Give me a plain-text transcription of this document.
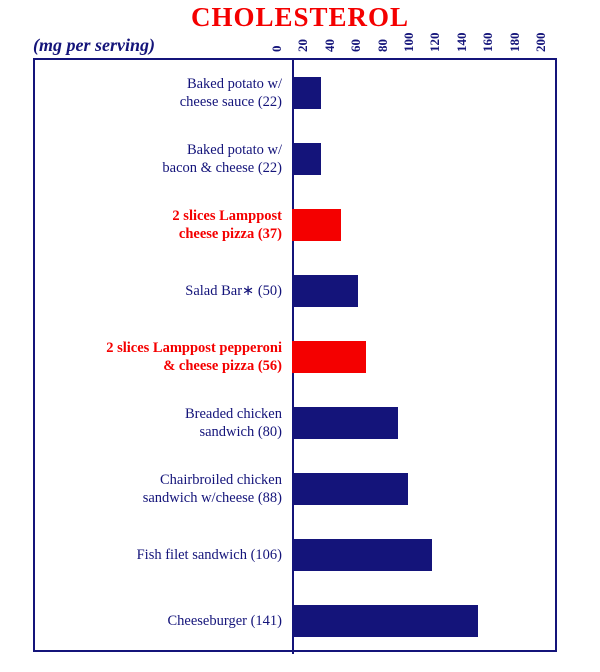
CHOLESTEROL
(mg per serving)	0 20 40 60 80 100 120 140 160 180 200
Baked potato w/
cheese sauce (22)
Baked potato w/
bacon & cheese (22)
2 slices Lamppost
cheese pizza (37)
Salad Bar∗ (50)
2 slices Lamppost pepperoni
& cheese pizza (56)
Breaded chicken
sandwich (80)
Chairbroiled chicken
sandwich w/cheese (88)
Fish filet sandwich (106)
Cheeseburger (141)
